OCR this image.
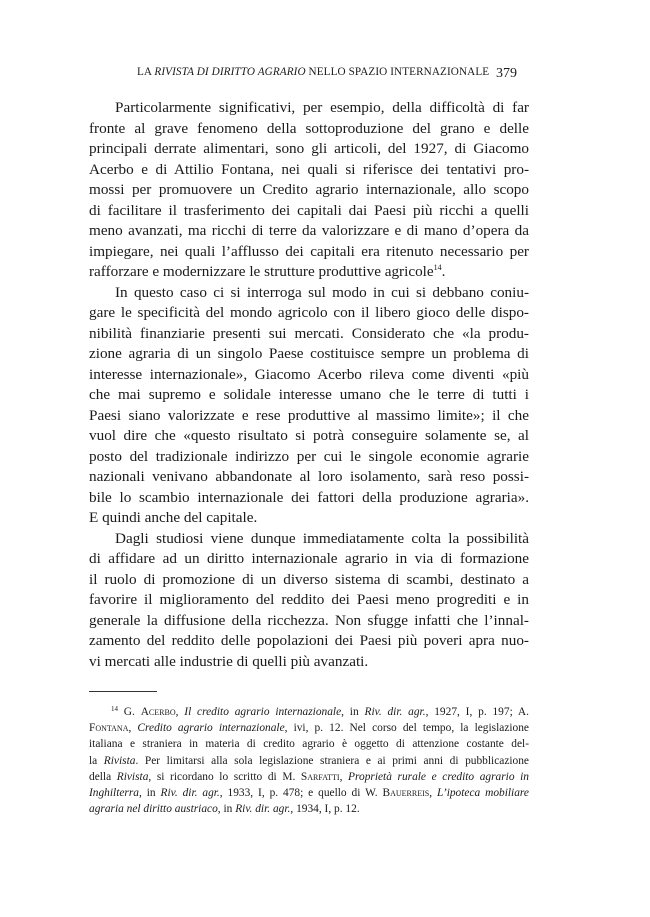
LA RIVISTA DI DIRITTO AGRARIO NELLO SPAZIO INTERNAZIONALE 379
Particolarmente significativi, per esempio, della difficoltà di far
fronte al grave fenomeno della sottoproduzione del grano e delle
principali derrate alimentari, sono gli articoli, del 1927, di Giacomo
Acerbo e di Attilio Fontana, nei quali si riferisce dei tentativi pro-
mossi per promuovere un Credito agrario internazionale, allo scopo
di facilitare il trasferimento dei capitali dai Paesi più ricchi a quelli
meno avanzati, ma ricchi di terre da valorizzare e di mano d’opera da
impiegare, nei quali l’afflusso dei capitali era ritenuto necessario per
rafforzare e modernizzare le strutture produttive agricole$^{14}$.
In questo caso ci si interroga sul modo in cui si debbano coniu-
gare le specificità del mondo agricolo con il libero gioco delle dispo-
nibilità finanziarie presenti sui mercati. Considerato che «la produ-
zione agraria di un singolo Paese costituisce sempre un problema di
interesse internazionale», Giacomo Acerbo rileva come diventi «più
che mai supremo e solidale interesse umano che le terre di tutti i
Paesi siano valorizzate e rese produttive al massimo limite»; il che
vuol dire che «questo risultato si potrà conseguire solamente se, al
posto del tradizionale indirizzo per cui le singole economie agrarie
nazionali venivano abbandonate al loro isolamento, sarà reso possi-
bile lo scambio internazionale dei fattori della produzione agraria».
E quindi anche del capitale.
Dagli studiosi viene dunque immediatamente colta la possibilità
di affidare ad un diritto internazionale agrario in via di formazione
il ruolo di promozione di un diverso sistema di scambi, destinato a
favorire il miglioramento del reddito dei Paesi meno progrediti e in
generale la diffusione della ricchezza. Non sfugge infatti che l’innal-
zamento del reddito delle popolazioni dei Paesi più poveri apra nuo-
vi mercati alle industrie di quelli più avanzati.
$^{14}$ G. Acerbo, Il credito agrario internazionale, in Riv. dir. agr., 1927, I, p. 197; A.
Fontana, Credito agrario internazionale, ivi, p. 12. Nel corso del tempo, la legislazione
italiana e straniera in materia di credito agrario è oggetto di attenzione costante del-
la Rivista. Per limitarsi alla sola legislazione straniera e ai primi anni di pubblicazione
della Rivista, si ricordano lo scritto di M. Sarfatti, Proprietà rurale e credito agrario in
Inghilterra, in Riv. dir. agr., 1933, I, p. 478; e quello di W. Bauerreis, L’ipoteca mobiliare
agraria nel diritto austriaco, in Riv. dir. agr., 1934, I, p. 12.
